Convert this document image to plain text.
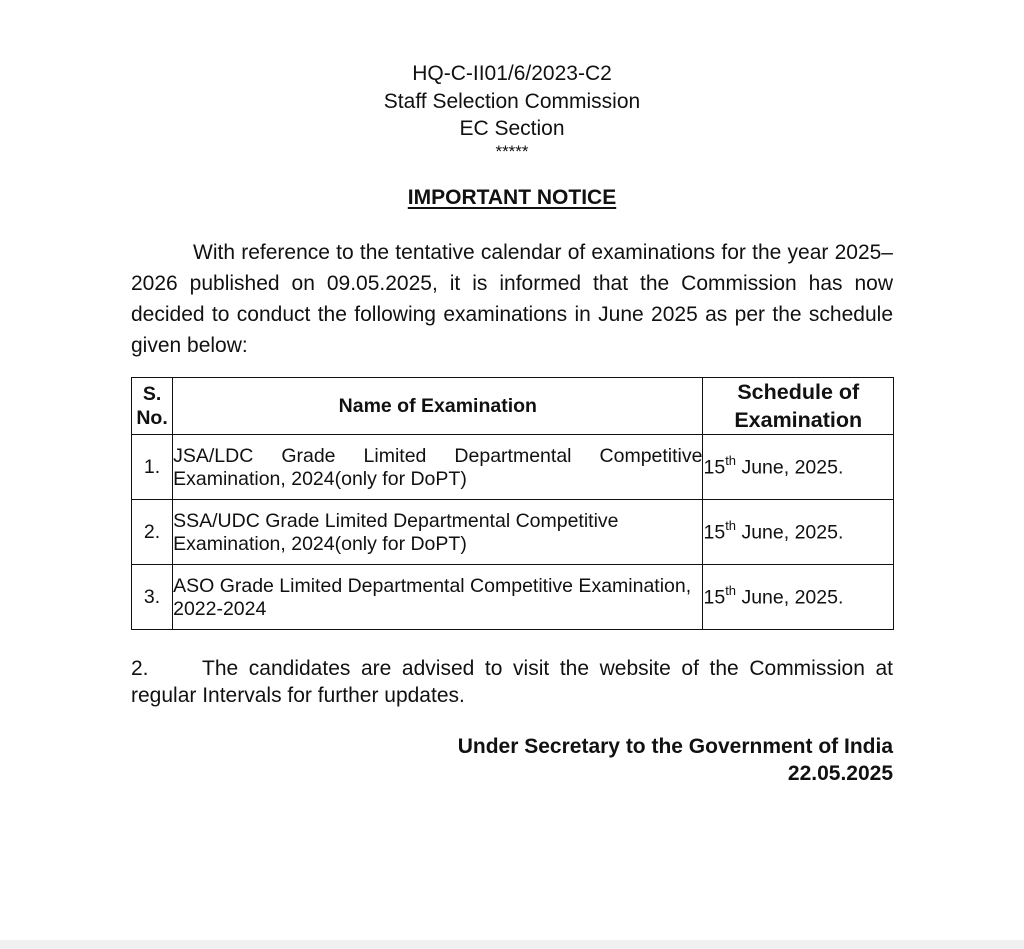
HQ-C-II01/6/2023-C2
Staff Selection Commission
EC Section
*****
IMPORTANT NOTICE
With reference to the tentative calendar of examinations for the year 2025–2026 published on 09.05.2025, it is informed that the Commission has now decided to conduct the following examinations in June 2025 as per the schedule given below:
S. No.	Name of Examination	Schedule of Examination
1.	JSA/LDC Grade Limited Departmental Competitive Examination, 2024(only for DoPT)	15th June, 2025.
2.	SSA/UDC Grade Limited Departmental Competitive Examination, 2024(only for DoPT)	15th June, 2025.
3.	ASO Grade Limited Departmental Competitive Examination, 2022-2024	15th June, 2025.
2.	The candidates are advised to visit the website of the Commission at regular Intervals for further updates.
Under Secretary to the Government of India
22.05.2025
